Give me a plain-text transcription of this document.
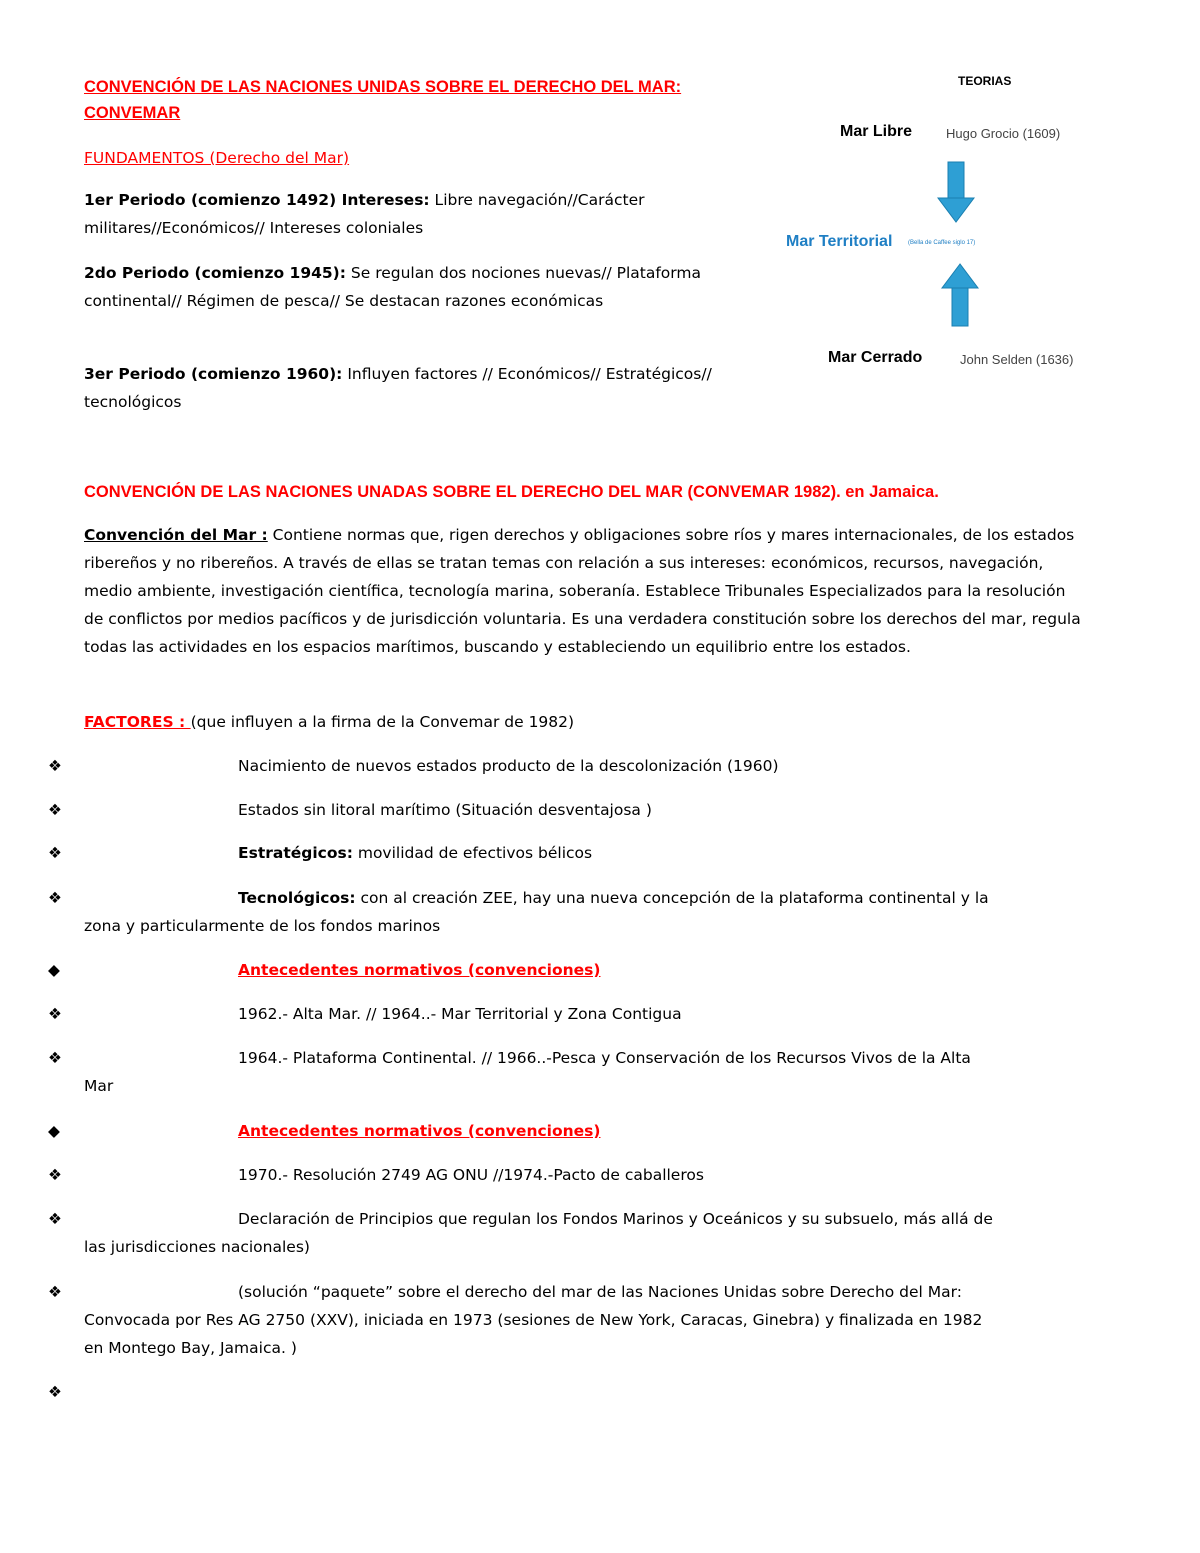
CONVENCIÓN DE LAS NACIONES UNIDAS SOBRE EL DERECHO DEL MAR:
CONVEMAR
FUNDAMENTOS (Derecho del Mar)
1er Periodo (comienzo 1492) Intereses: Libre navegación//Carácter militares//Económicos// Intereses coloniales
2do Periodo (comienzo 1945): Se regulan dos nociones nuevas// Plataforma continental// Régimen de pesca// Se destacan razones económicas
3er Periodo (comienzo 1960): Influyen factores // Económicos// Estratégicos// tecnológicos
TEORIAS
Mar Libre	Hugo Grocio (1609)
Mar Territorial	(Bella de Caffee siglo 17)
Mar Cerrado	John Selden (1636)
CONVENCIÓN DE LAS NACIONES UNADAS SOBRE EL DERECHO DEL MAR (CONVEMAR 1982). en Jamaica.
Convención del Mar : Contiene normas que, rigen derechos y obligaciones sobre ríos y mares internacionales, de los estados ribereños y no ribereños. A través de ellas se tratan temas con relación a sus intereses: económicos, recursos, navegación, medio ambiente, investigación científica, tecnología marina, soberanía. Establece Tribunales Especializados para la resolución de conflictos por medios pacíficos y de jurisdicción voluntaria. Es una verdadera constitución sobre los derechos del mar, regula todas las actividades en los espacios marítimos, buscando y estableciendo un equilibrio entre los estados.
FACTORES : (que influyen a la firma de la Convemar de 1982)
❖	Nacimiento de nuevos estados producto de la descolonización (1960)
❖	Estados sin litoral marítimo (Situación desventajosa )
❖	Estratégicos: movilidad de efectivos bélicos
❖	Tecnológicos: con al creación ZEE, hay una nueva concepción de la plataforma continental y la
zona y particularmente de los fondos marinos
◆	Antecedentes normativos (convenciones)
❖	1962.- Alta Mar. // 1964..- Mar Territorial y Zona Contigua
❖	1964.- Plataforma Continental. // 1966..-Pesca y Conservación de los Recursos Vivos de la Alta
Mar
◆	Antecedentes normativos (convenciones)
❖	1970.- Resolución 2749 AG ONU //1974.-Pacto de caballeros
❖	Declaración de Principios que regulan los Fondos Marinos y Oceánicos y su subsuelo, más allá de
las jurisdicciones nacionales)
❖	(solución “paquete” sobre el derecho del mar de las Naciones Unidas sobre Derecho del Mar:
Convocada por Res AG 2750 (XXV), iniciada en 1973 (sesiones de New York, Caracas, Ginebra) y finalizada en 1982
en Montego Bay, Jamaica. )
❖
